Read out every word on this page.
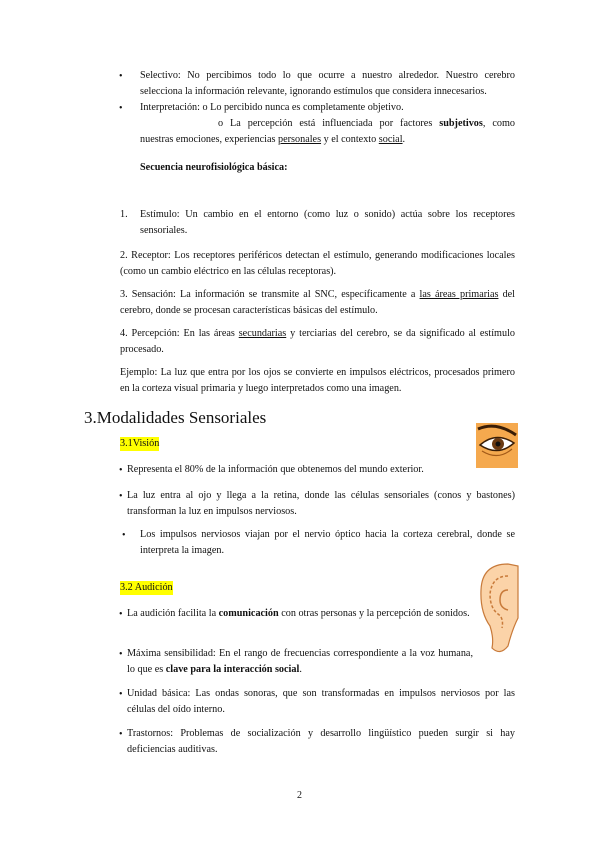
• Selectivo: No percibimos todo lo que ocurre a nuestro alrededor. Nuestro cerebro selecciona la información relevante, ignorando estímulos que considera innecesarios.
• Interpretación: o Lo percibido nunca es completamente objetivo.
o La percepción está influenciada por factores subjetivos, como nuestras emociones, experiencias personales y el contexto social.
Secuencia neurofisiológica básica:
1. Estímulo: Un cambio en el entorno (como luz o sonido) actúa sobre los receptores sensoriales.
2. Receptor: Los receptores periféricos detectan el estímulo, generando modificaciones locales (como un cambio eléctrico en las células receptoras).
3. Sensación: La información se transmite al SNC, específicamente a las áreas primarias del cerebro, donde se procesan características básicas del estímulo.
4. Percepción: En las áreas secundarias y terciarias del cerebro, se da significado al estímulo procesado.
Ejemplo: La luz que entra por los ojos se convierte en impulsos eléctricos, procesados primero en la corteza visual primaria y luego interpretados como una imagen.
3.Modalidades Sensoriales
3.1Visión
• Representa el 80% de la información que obtenemos del mundo exterior.
• La luz entra al ojo y llega a la retina, donde las células sensoriales (conos y bastones) transforman la luz en impulsos nerviosos.
• Los impulsos nerviosos viajan por el nervio óptico hacia la corteza cerebral, donde se interpreta la imagen.
3.2 Audición
• La audición facilita la comunicación con otras personas y la percepción de sonidos.
• Máxima sensibilidad: En el rango de frecuencias correspondiente a la voz humana, lo que es clave para la interacción social.
• Unidad básica: Las ondas sonoras, que son transformadas en impulsos nerviosos por las células del oído interno.
• Trastornos: Problemas de socialización y desarrollo lingüístico pueden surgir si hay deficiencias auditivas.
2
